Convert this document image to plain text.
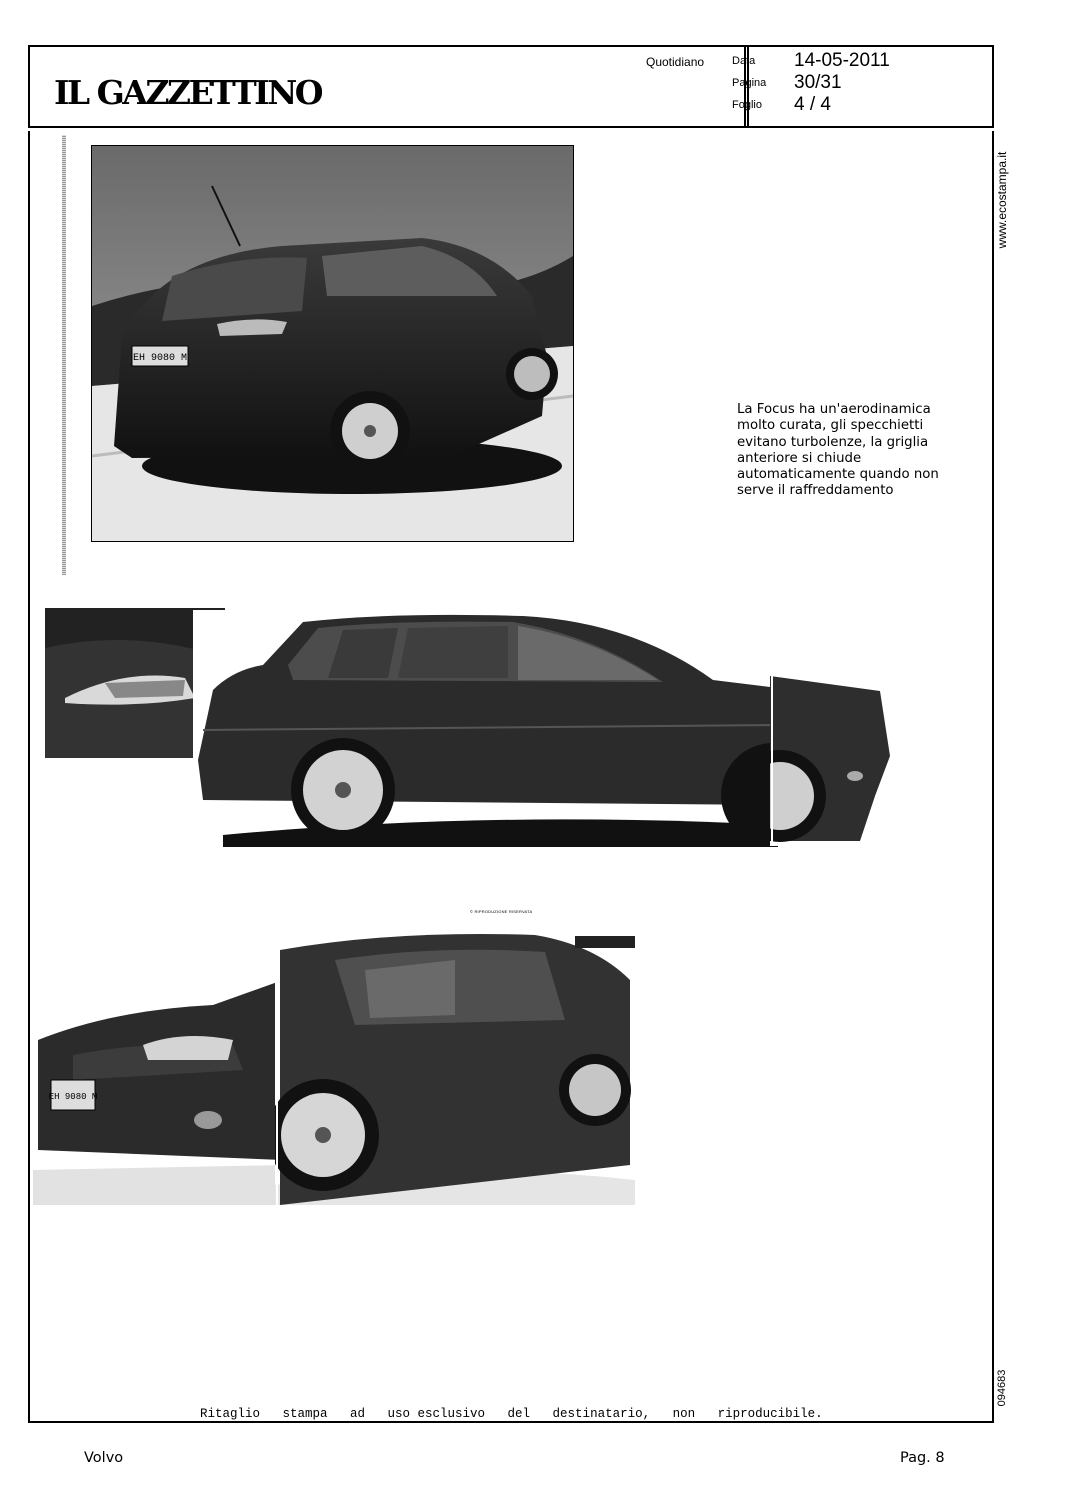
IL GAZZETTINO
Quotidiano	Data 14-05-2011
Pagina 30/31
Foglio 4 / 4
www.ecostampa.it
094683
EH 9080 M
La Focus ha un'aerodinamica
molto curata, gli specchietti
evitano turbolenze, la griglia
anteriore si chiude
automaticamente quando non
serve il raffreddamento
© RIPRODUZIONE RISERVATA
EH 9080 M
Ritaglio   stampa   ad   uso esclusivo   del   destinatario,   non   riproducibile.
Volvo	Pag. 8
